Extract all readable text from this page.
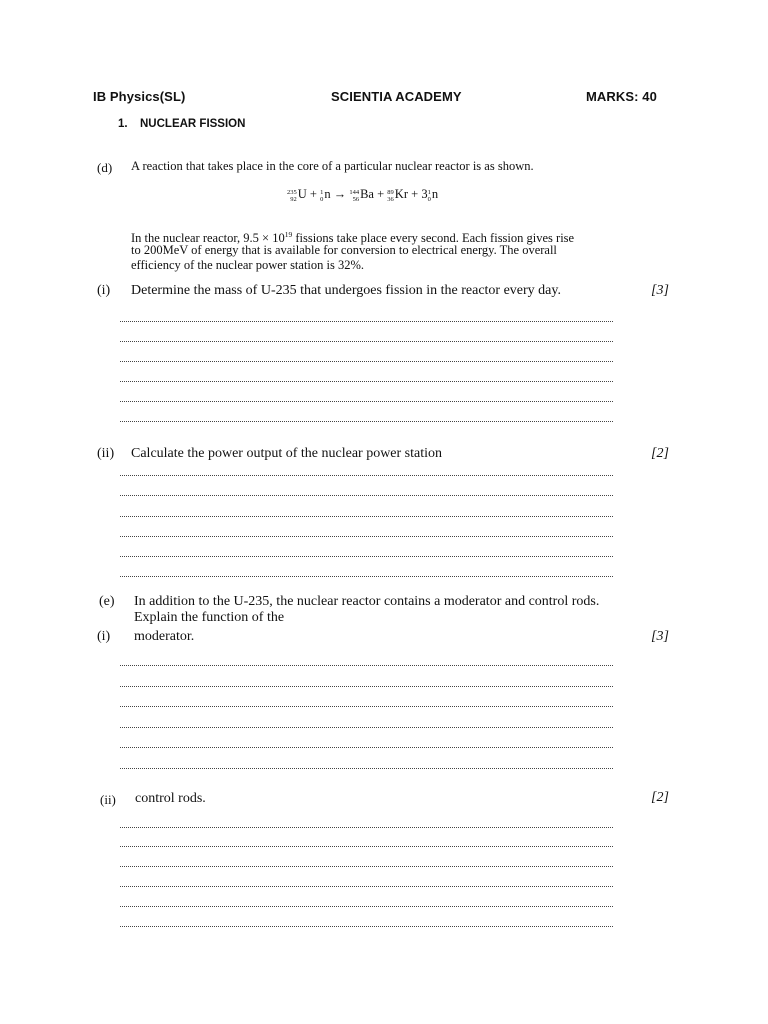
IB Physics(SL)	SCIENTIA ACADEMY	MARKS: 40
1. NUCLEAR FISSION
(d) A reaction that takes place in the core of a particular nuclear reactor is as shown.
235
92 U + 1
0 n → 144
56 Ba + 89
36 Kr + 3 1
0 n
In the nuclear reactor, $9.5 \times 10^{19}$ fissions take place every second. Each fission gives rise
to 200MeV of energy that is available for conversion to electrical energy. The overall
efficiency of the nuclear power station is 32%.
(i) Determine the mass of U-235 that undergoes fission in the reactor every day.	[3]
(ii) Calculate the power output of the nuclear power station	[2]
(e) In addition to the U-235, the nuclear reactor contains a moderator and control rods.
Explain the function of the
(i) moderator.	[3]
(ii) control rods.	[2]
